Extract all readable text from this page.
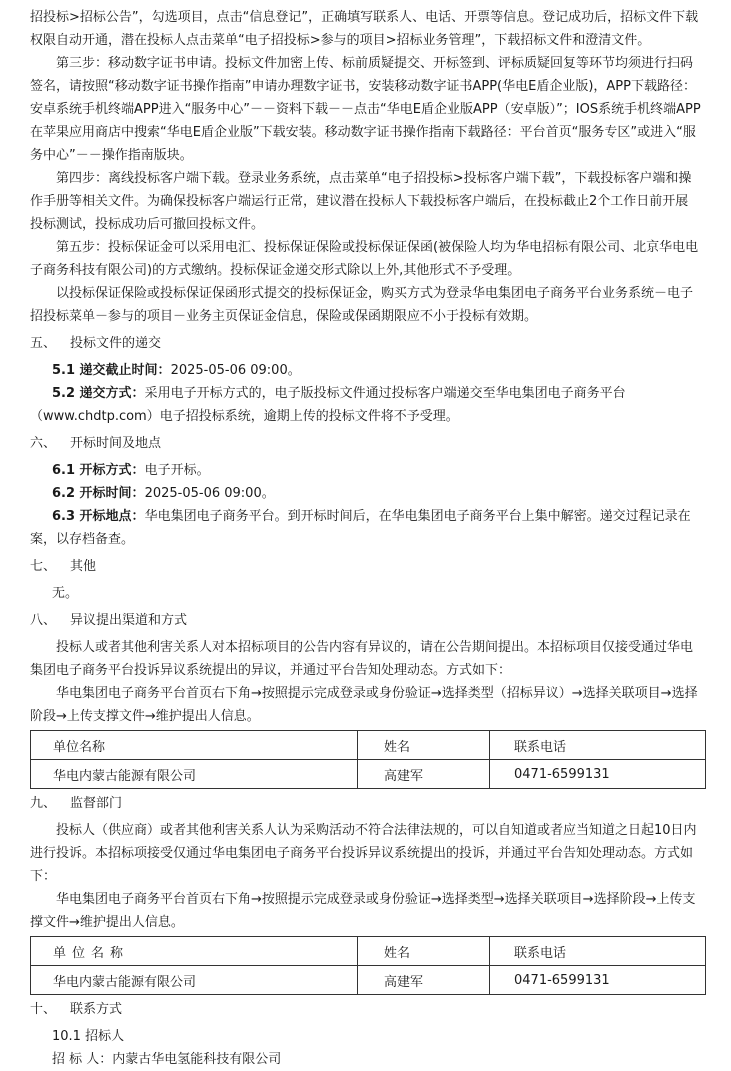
招投标>招标公告”，勾选项目，点击“信息登记”，正确填写联系人、电话、开票等信息。登记成功后，招标文件下载权限自动开通，潜在投标人点击菜单“电子招投标>参与的项目>招标业务管理”，下载招标文件和澄清文件。

第三步：移动数字证书申请。投标文件加密上传、标前质疑提交、开标签到、评标质疑回复等环节均须进行扫码签名，请按照“移动数字证书操作指南”申请办理数字证书，安装移动数字证书APP(华电E盾企业版)，APP下载路径：安卓系统手机终端APP进入“服务中心”－－资料下载－－点击“华电E盾企业版APP（安卓版）”；IOS系统手机终端APP在苹果应用商店中搜索“华电E盾企业版”下载安装。移动数字证书操作指南下载路径：平台首页“服务专区”或进入“服务中心”－－操作指南版块。

第四步：离线投标客户端下载。登录业务系统，点击菜单“电子招投标>投标客户端下载”，下载投标客户端和操作手册等相关文件。为确保投标客户端运行正常，建议潜在投标人下载投标客户端后，在投标截止2个工作日前开展投标测试，投标成功后可撤回投标文件。

第五步：投标保证金可以采用电汇、投标保证保险或投标保证保函(被保险人均为华电招标有限公司、北京华电电子商务科技有限公司)的方式缴纳。投标保证金递交形式除以上外,其他形式不予受理。

以投标保证保险或投标保证保函形式提交的投标保证金，购买方式为登录华电集团电子商务平台业务系统－电子招投标菜单－参与的项目－业务主页保证金信息，保险或保函期限应不小于投标有效期。

五、 投标文件的递交

5.1 递交截止时间：2025-05-06 09:00。

5.2 递交方式：采用电子开标方式的，电子版投标文件通过投标客户端递交至华电集团电子商务平台（www.chdtp.com）电子招投标系统，逾期上传的投标文件将不予受理。

六、 开标时间及地点

6.1 开标方式：电子开标。

6.2 开标时间：2025-05-06 09:00。

6.3 开标地点：华电集团电子商务平台。到开标时间后，在华电集团电子商务平台上集中解密。递交过程记录在案，以存档备查。

七、 其他

无。

八、 异议提出渠道和方式

投标人或者其他利害关系人对本招标项目的公告内容有异议的，请在公告期间提出。本招标项目仅接受通过华电集团电子商务平台投诉异议系统提出的异议，并通过平台告知处理动态。方式如下：

华电集团电子商务平台首页右下角→按照提示完成登录或身份验证→选择类型（招标异议）→选择关联项目→选择阶段→上传支撑文件→维护提出人信息。

单位名称	姓名	联系电话
华电内蒙古能源有限公司	高建军	0471-6599131
九、 监督部门

投标人（供应商）或者其他利害关系人认为采购活动不符合法律法规的，可以自知道或者应当知道之日起10日内进行投诉。本招标项接受仅通过华电集团电子商务平台投诉异议系统提出的投诉，并通过平台告知处理动态。方式如下：

华电集团电子商务平台首页右下角→按照提示完成登录或身份验证→选择类型→选择关联项目→选择阶段→上传支撑文件→维护提出人信息。

单位名称	姓名	联系电话
华电内蒙古能源有限公司	高建军	0471-6599131
十、 联系方式

10.1 招标人

招 标 人：内蒙古华电氢能科技有限公司
